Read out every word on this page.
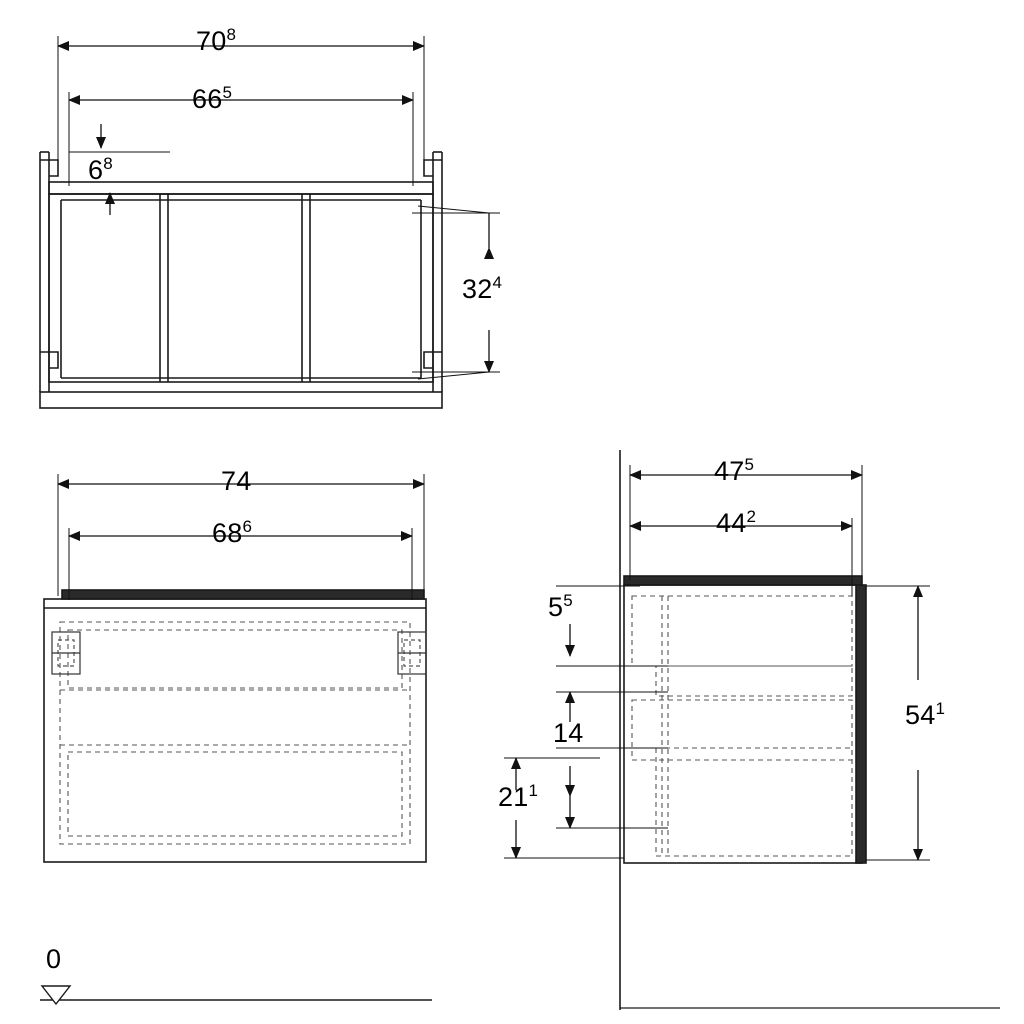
$70^8$
$66^5$
$6^8$
$32^4$
74
$68^6$
$47^5$
$44^2$
$5^5$
14
$21^1$
$54^1$
0
